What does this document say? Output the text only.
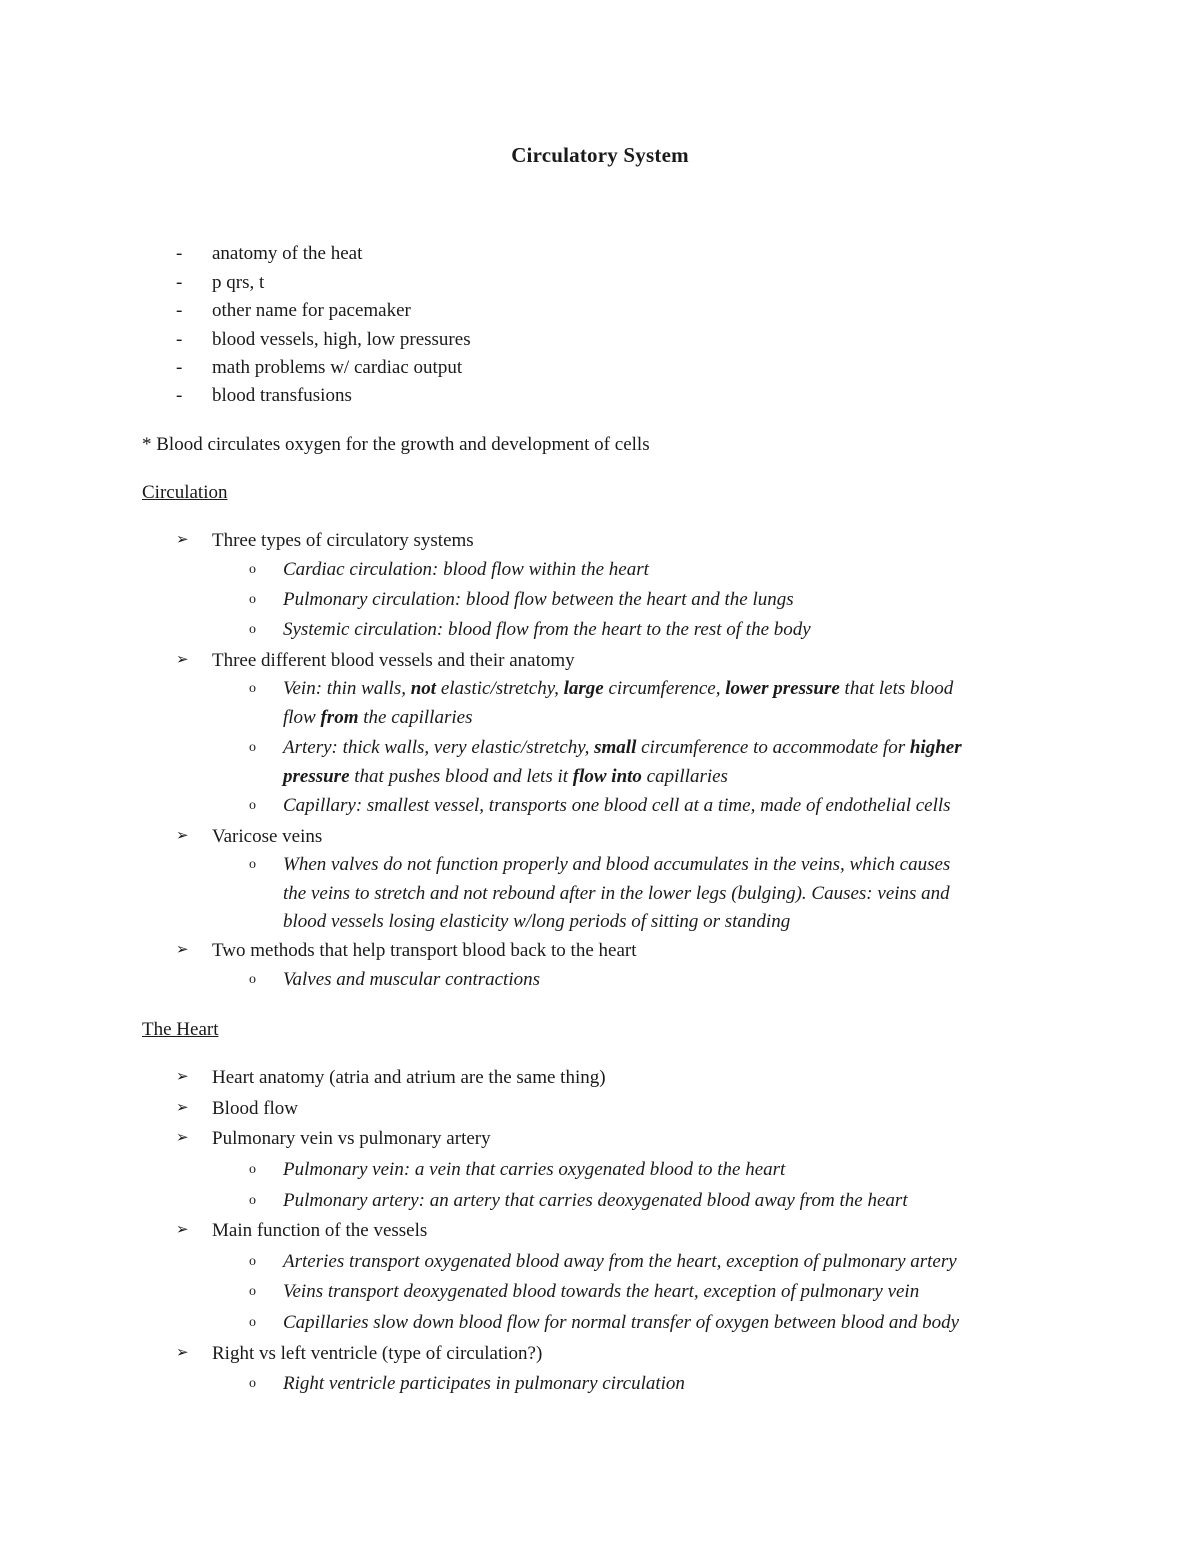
Circulatory System
-	anatomy of the heat
-	p qrs, t
-	other name for pacemaker
-	blood vessels, high, low pressures
-	math problems w/ cardiac output
-	blood transfusions
* Blood circulates oxygen for the growth and development of cells
Circulation
➢ Three types of circulatory systems
o Cardiac circulation: blood flow within the heart
o Pulmonary circulation: blood flow between the heart and the lungs
o Systemic circulation: blood flow from the heart to the rest of the body
➢ Three different blood vessels and their anatomy
o Vein: thin walls, not elastic/stretchy, large circumference, lower pressure that lets blood
flow from the capillaries
o Artery: thick walls, very elastic/stretchy, small circumference to accommodate for higher
pressure that pushes blood and lets it flow into capillaries
o Capillary: smallest vessel, transports one blood cell at a time, made of endothelial cells
➢ Varicose veins
o When valves do not function properly and blood accumulates in the veins, which causes
the veins to stretch and not rebound after in the lower legs (bulging). Causes: veins and
blood vessels losing elasticity w/long periods of sitting or standing
➢ Two methods that help transport blood back to the heart
o Valves and muscular contractions
The Heart
➢ Heart anatomy (atria and atrium are the same thing)
➢ Blood flow
➢ Pulmonary vein vs pulmonary artery
o Pulmonary vein: a vein that carries oxygenated blood to the heart
o Pulmonary artery: an artery that carries deoxygenated blood away from the heart
➢ Main function of the vessels
o Arteries transport oxygenated blood away from the heart, exception of pulmonary artery
o Veins transport deoxygenated blood towards the heart, exception of pulmonary vein
o Capillaries slow down blood flow for normal transfer of oxygen between blood and body
➢ Right vs left ventricle (type of circulation?)
o Right ventricle participates in pulmonary circulation
